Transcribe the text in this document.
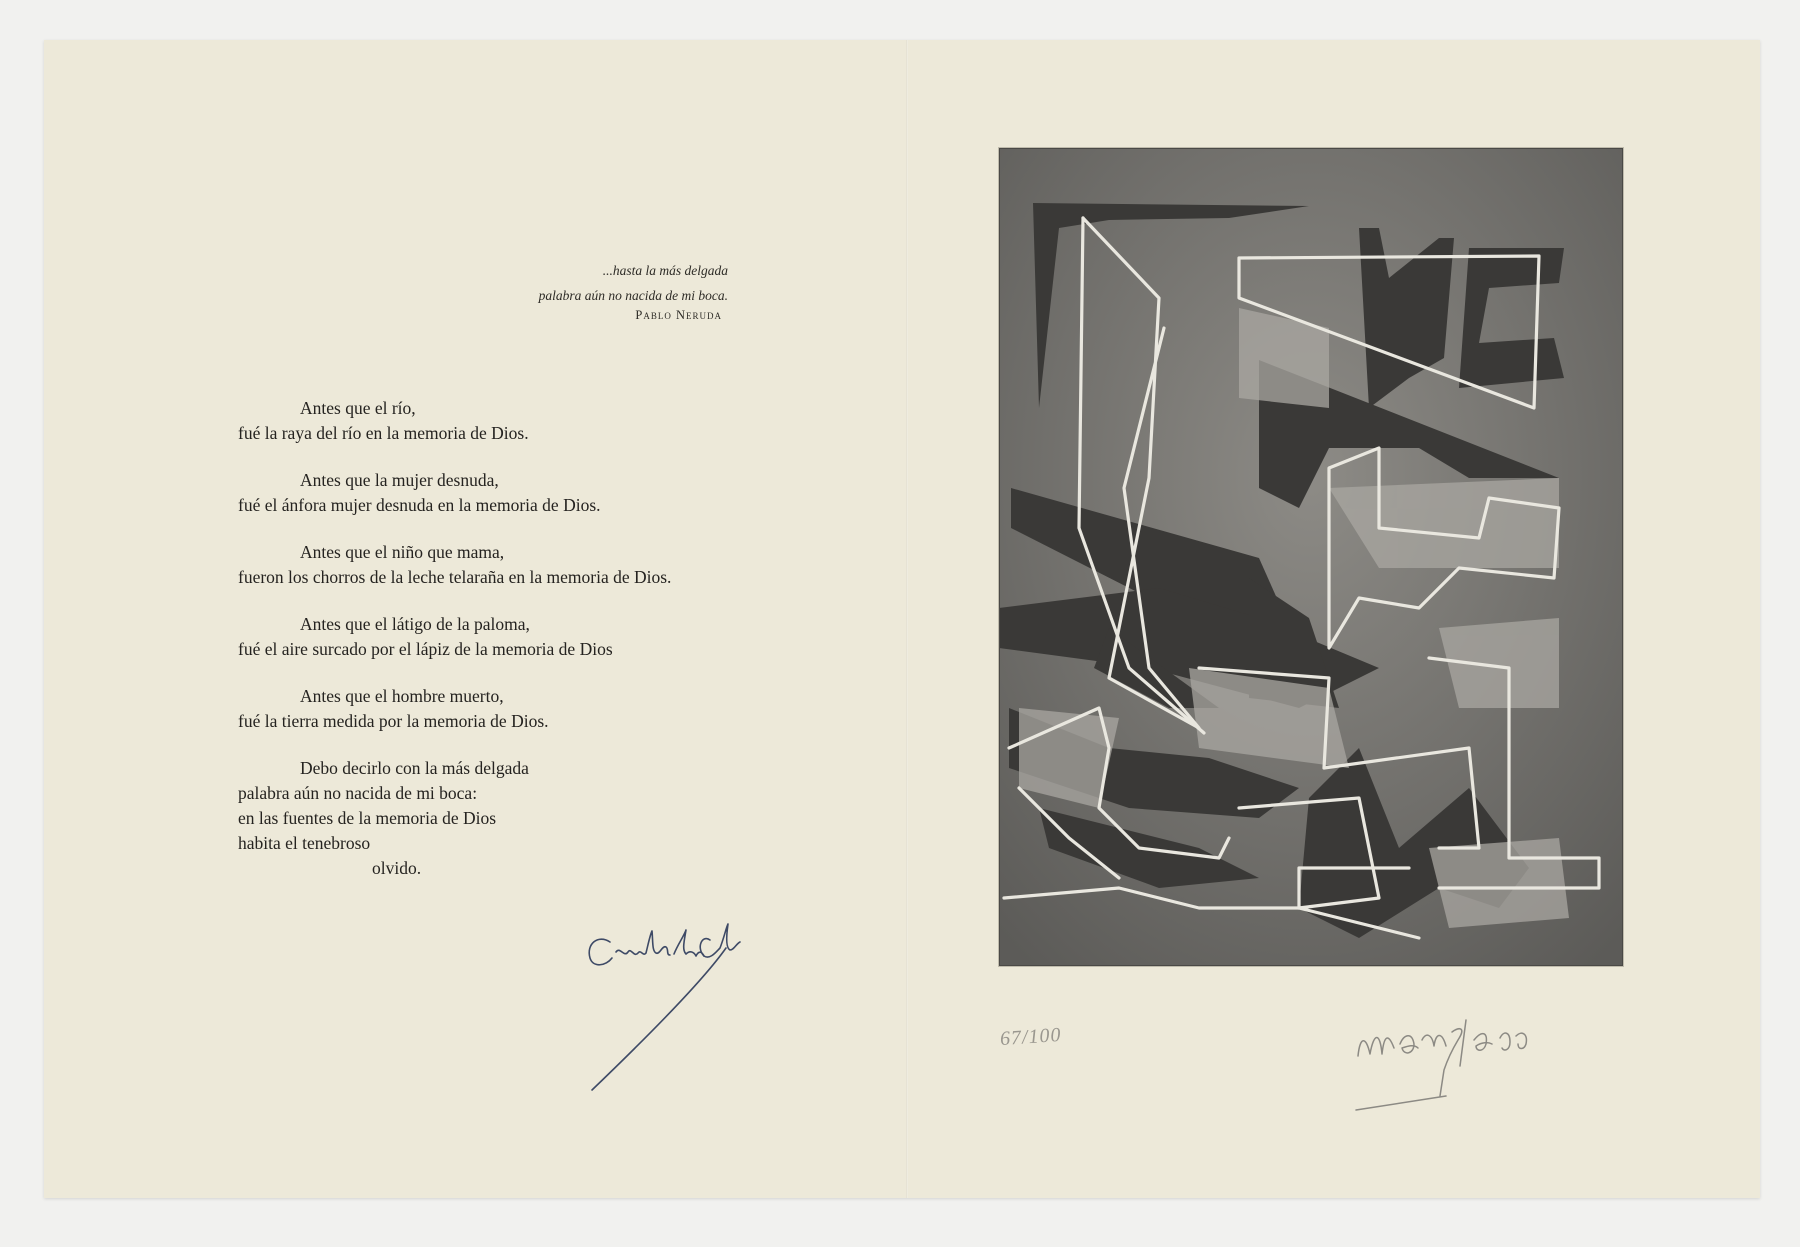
...hasta la más delgada
palabra aún no nacida de mi boca.
Pablo Neruda
Antes que el río,
fué la raya del río en la memoria de Dios.
Antes que la mujer desnuda,
fué el ánfora mujer desnuda en la memoria de Dios.
Antes que el niño que mama,
fueron los chorros de la leche telaraña en la memoria de Dios.
Antes que el látigo de la paloma,
fué el aire surcado por el lápiz de la memoria de Dios
Antes que el hombre muerto,
fué la tierra medida por la memoria de Dios.
Debo decirlo con la más delgada
palabra aún no nacida de mi boca:
en las fuentes de la memoria de Dios
habita el tenebroso
olvido.
67/100
